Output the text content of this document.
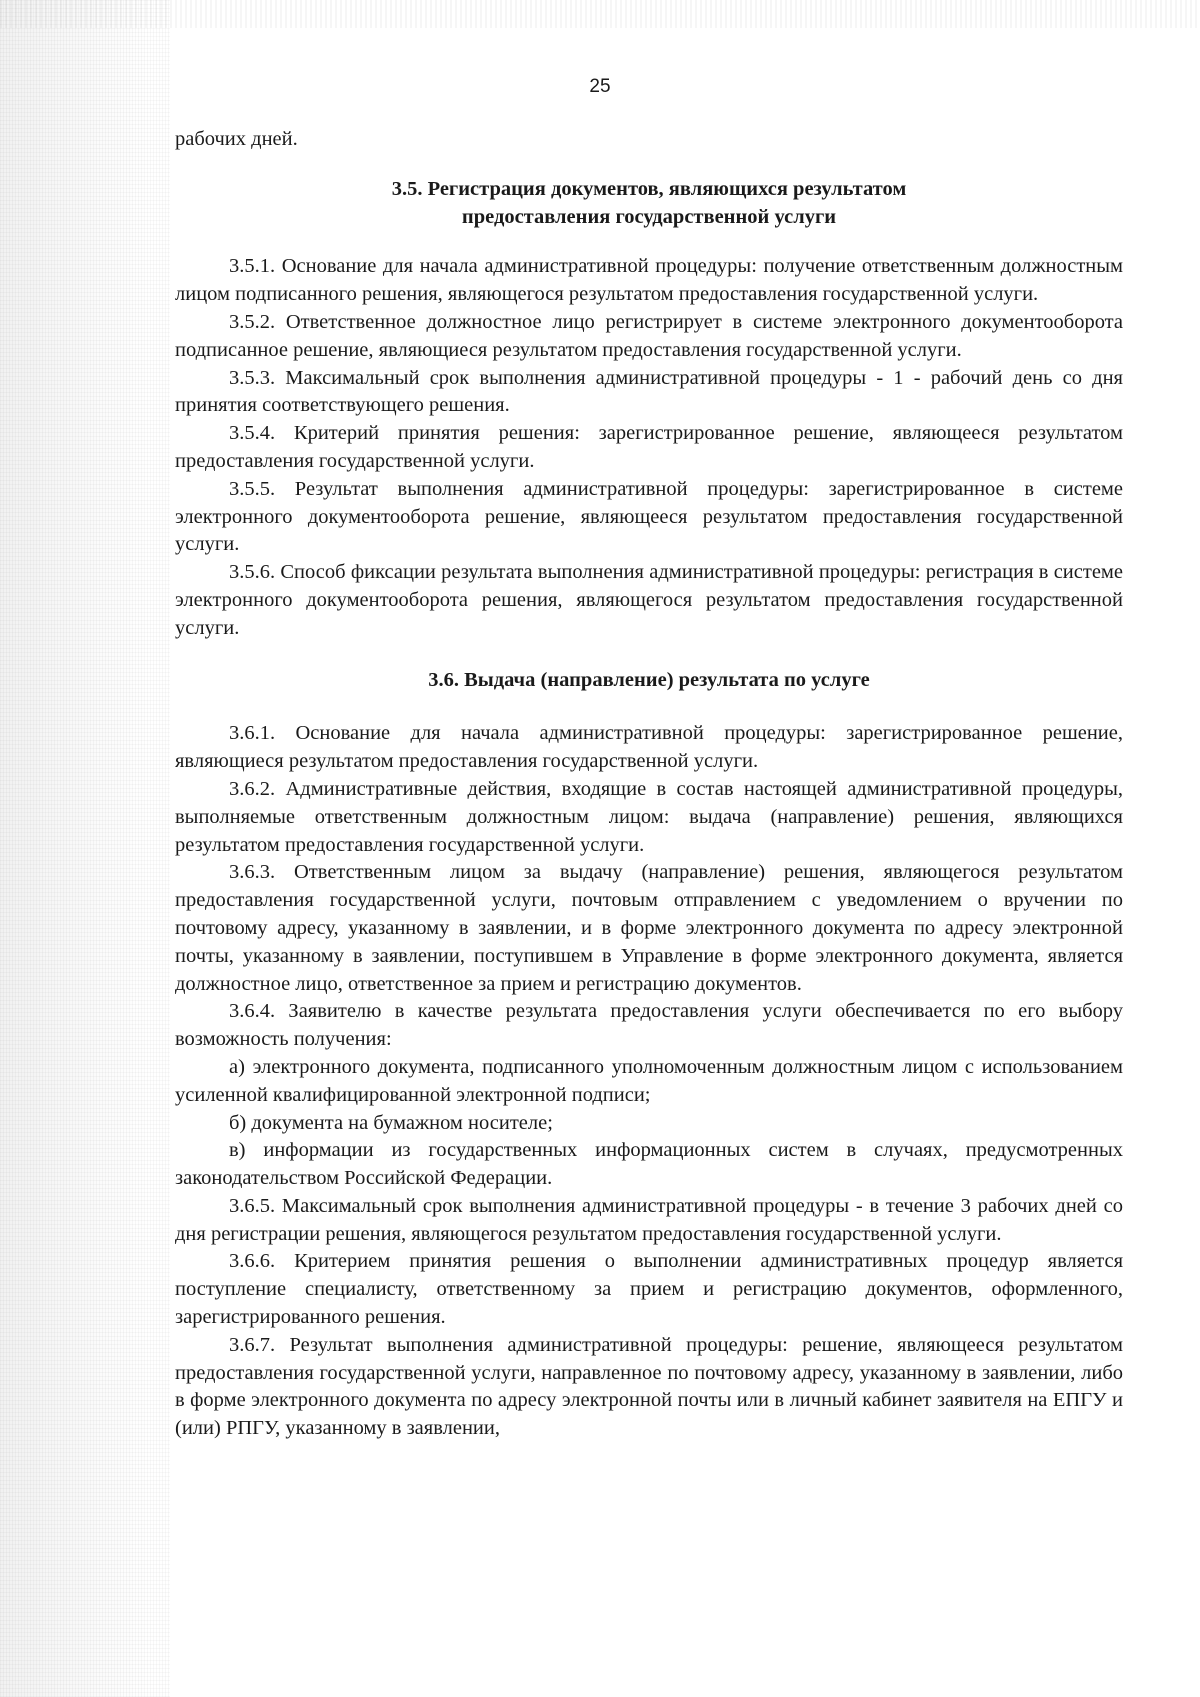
25

рабочих дней.

3.5. Регистрация документов, являющихся результатом
предоставления государственной услуги

3.5.1. Основание для начала административной процедуры: получение ответственным должностным лицом подписанного решения, являющегося результатом предоставления государственной услуги.

3.5.2. Ответственное должностное лицо регистрирует в системе электронного документооборота подписанное решение, являющиеся результатом предоставления государственной услуги.

3.5.3. Максимальный срок выполнения административной процедуры - 1 - рабочий день со дня принятия соответствующего решения.

3.5.4. Критерий принятия решения: зарегистрированное решение, являющееся результатом предоставления государственной услуги.

3.5.5. Результат выполнения административной процедуры: зарегистрированное в системе электронного документооборота решение, являющееся результатом предоставления государственной услуги.

3.5.6. Способ фиксации результата выполнения административной процедуры: регистрация в системе электронного документооборота решения, являющегося результатом предоставления государственной услуги.

3.6. Выдача (направление) результата по услуге

3.6.1. Основание для начала административной процедуры: зарегистрированное решение, являющиеся результатом предоставления государственной услуги.

3.6.2. Административные действия, входящие в состав настоящей административной процедуры, выполняемые ответственным должностным лицом: выдача (направление) решения, являющихся результатом предоставления государственной услуги.

3.6.3. Ответственным лицом за выдачу (направление) решения, являющегося результатом предоставления государственной услуги, почтовым отправлением с уведомлением о вручении по почтовому адресу, указанному в заявлении, и в форме электронного документа по адресу электронной почты, указанному в заявлении, поступившем в Управление в форме электронного документа, является должностное лицо, ответственное за прием и регистрацию документов.

3.6.4. Заявителю в качестве результата предоставления услуги обеспечивается по его выбору возможность получения:

а) электронного документа, подписанного уполномоченным должностным лицом с использованием усиленной квалифицированной электронной подписи;

б) документа на бумажном носителе;

в) информации из государственных информационных систем в случаях, предусмотренных законодательством Российской Федерации.

3.6.5. Максимальный срок выполнения административной процедуры - в течение 3 рабочих дней со дня регистрации решения, являющегося результатом предоставления государственной услуги.

3.6.6. Критерием принятия решения о выполнении административных процедур является поступление специалисту, ответственному за прием и регистрацию документов, оформленного, зарегистрированного решения.

3.6.7. Результат выполнения административной процедуры: решение, являющееся результатом предоставления государственной услуги, направленное по почтовому адресу, указанному в заявлении, либо в форме электронного документа по адресу электронной почты или в личный кабинет заявителя на ЕПГУ и (или) РПГУ, указанному в заявлении,
